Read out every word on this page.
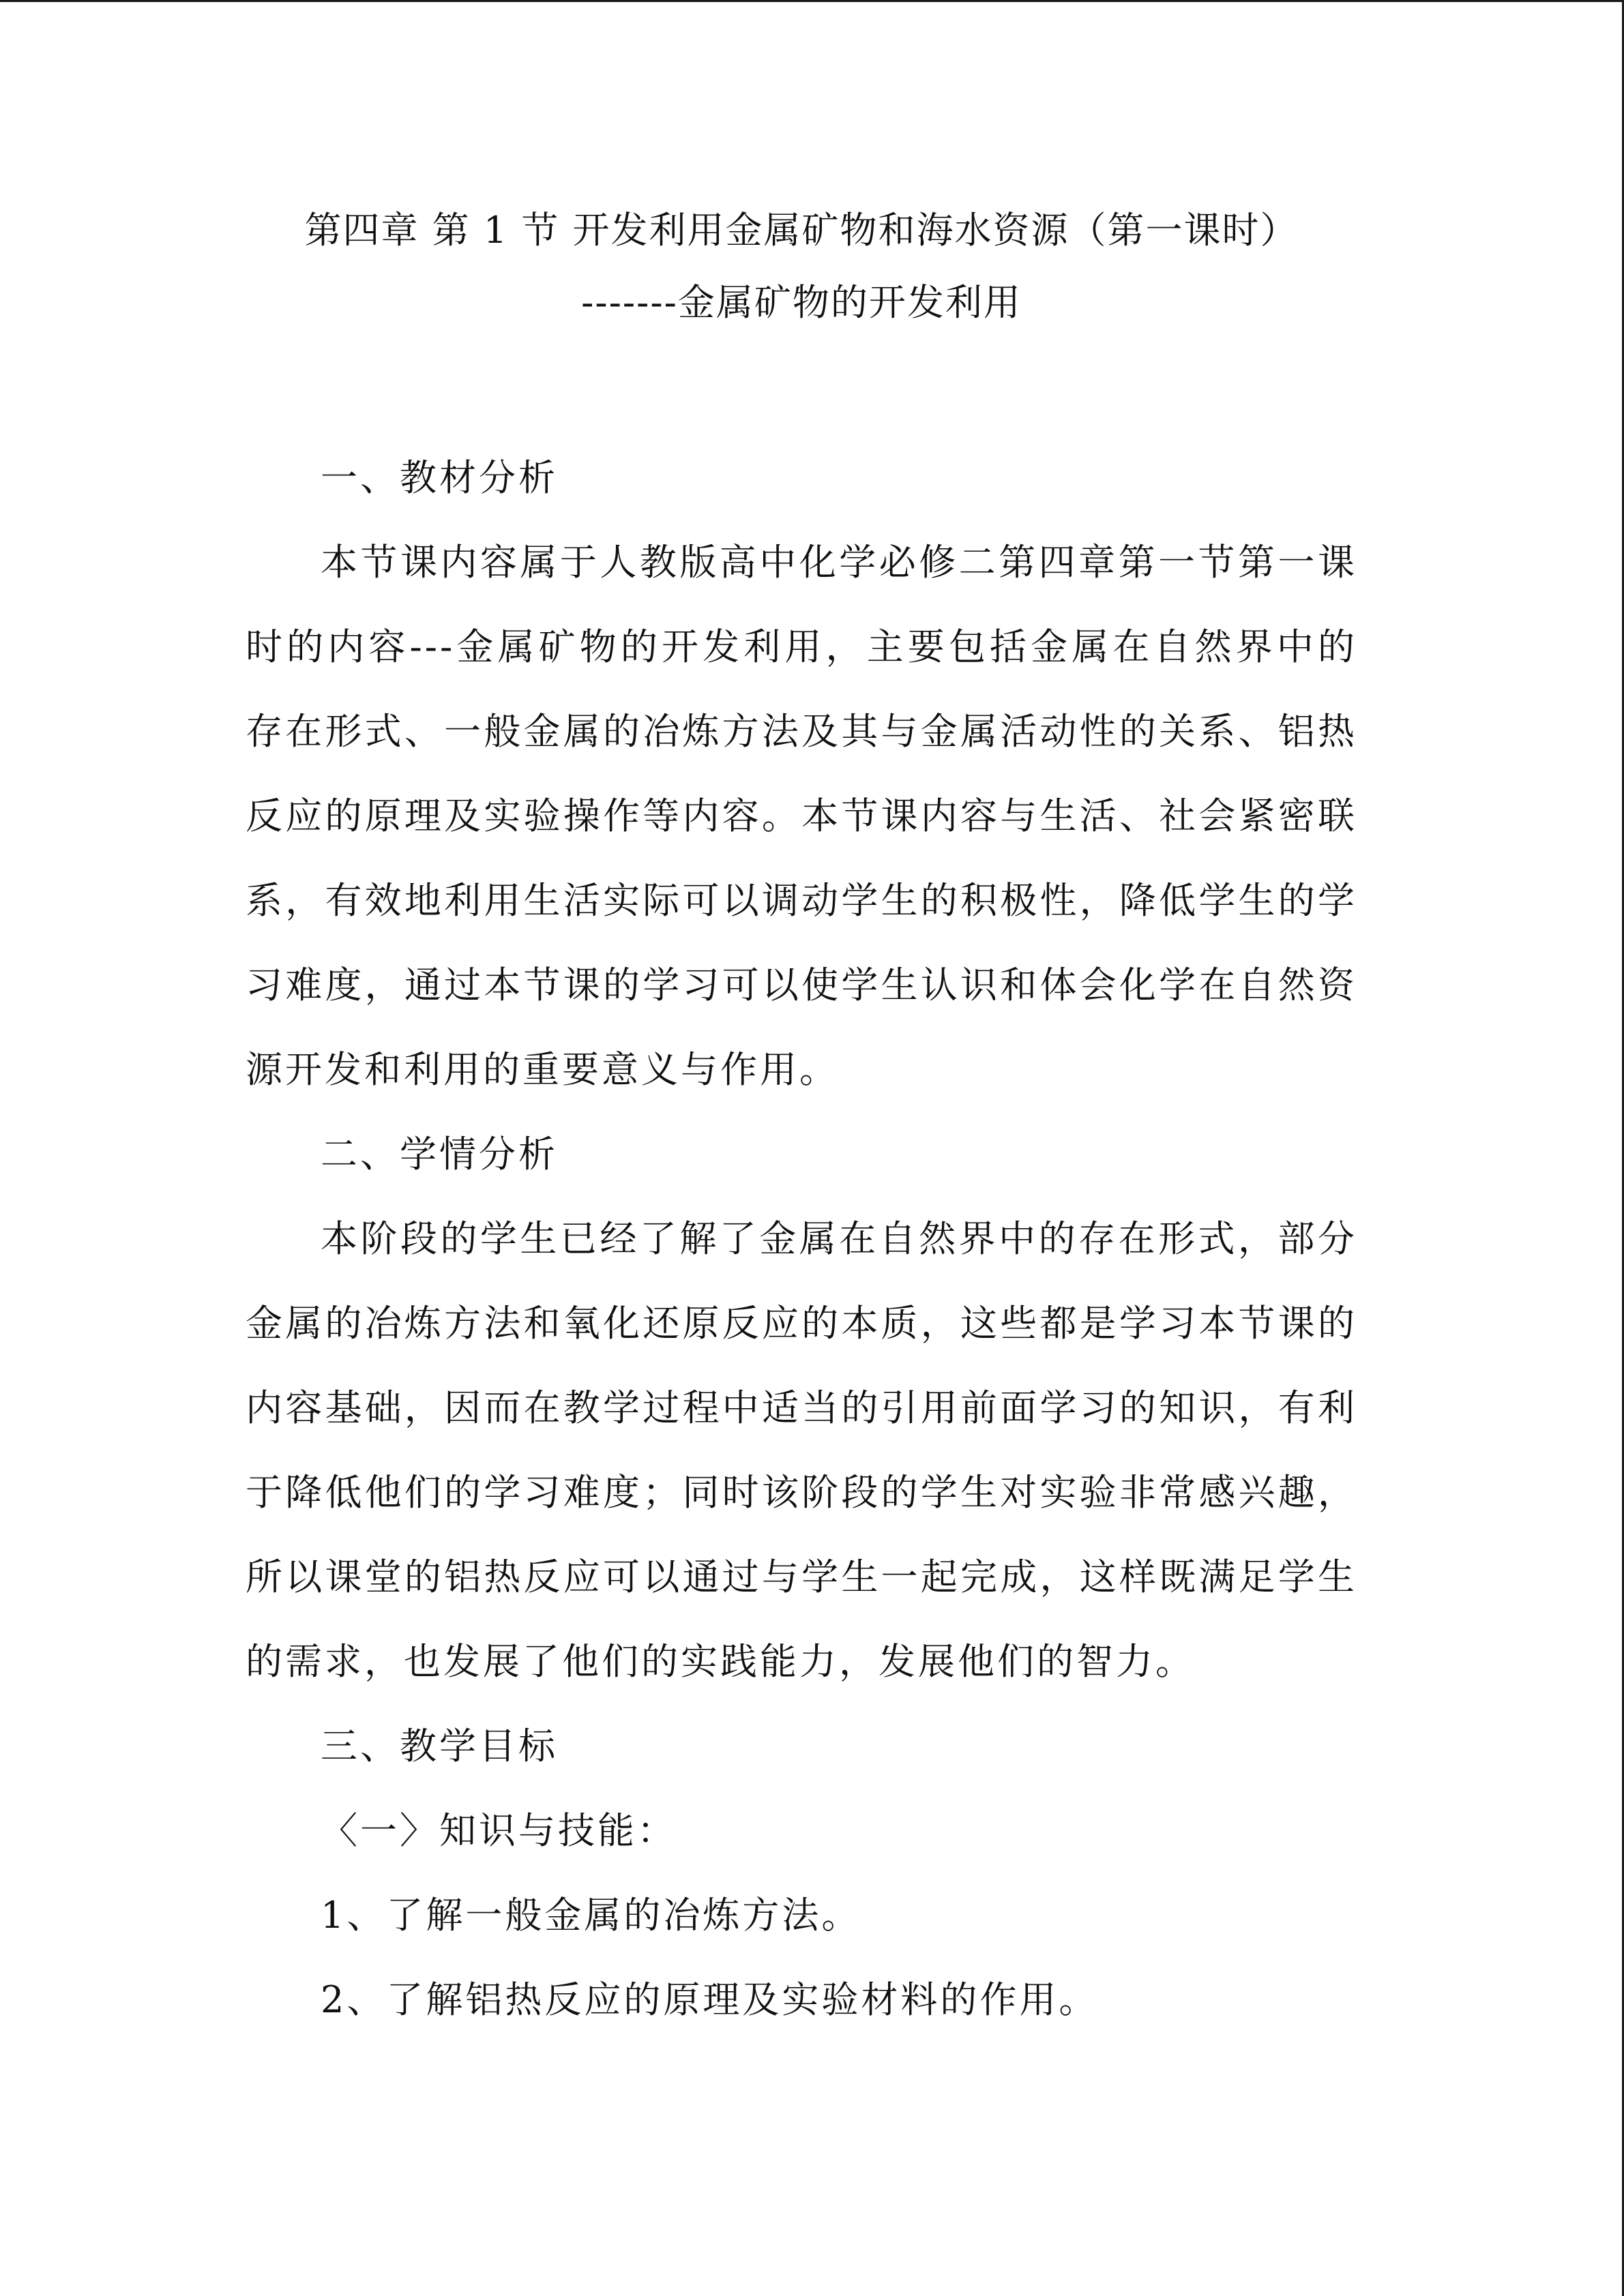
第四章 第 1 节 开发利用金属矿物和海水资源（第一课时）
-------金属矿物的开发利用

一、教材分析

本节课内容属于人教版高中化学必修二第四章第一节第一课时的内容---金属矿物的开发利用，主要包括金属在自然界中的存在形式、一般金属的冶炼方法及其与金属活动性的关系、铝热反应的原理及实验操作等内容。本节课内容与生活、社会紧密联系，有效地利用生活实际可以调动学生的积极性，降低学生的学习难度，通过本节课的学习可以使学生认识和体会化学在自然资源开发和利用的重要意义与作用。

二、学情分析

本阶段的学生已经了解了金属在自然界中的存在形式，部分金属的冶炼方法和氧化还原反应的本质，这些都是学习本节课的内容基础，因而在教学过程中适当的引用前面学习的知识，有利于降低他们的学习难度；同时该阶段的学生对实验非常感兴趣，所以课堂的铝热反应可以通过与学生一起完成，这样既满足学生的需求，也发展了他们的实践能力，发展他们的智力。

三、教学目标

〈一〉知识与技能：

1、了解一般金属的冶炼方法。

2、了解铝热反应的原理及实验材料的作用。
